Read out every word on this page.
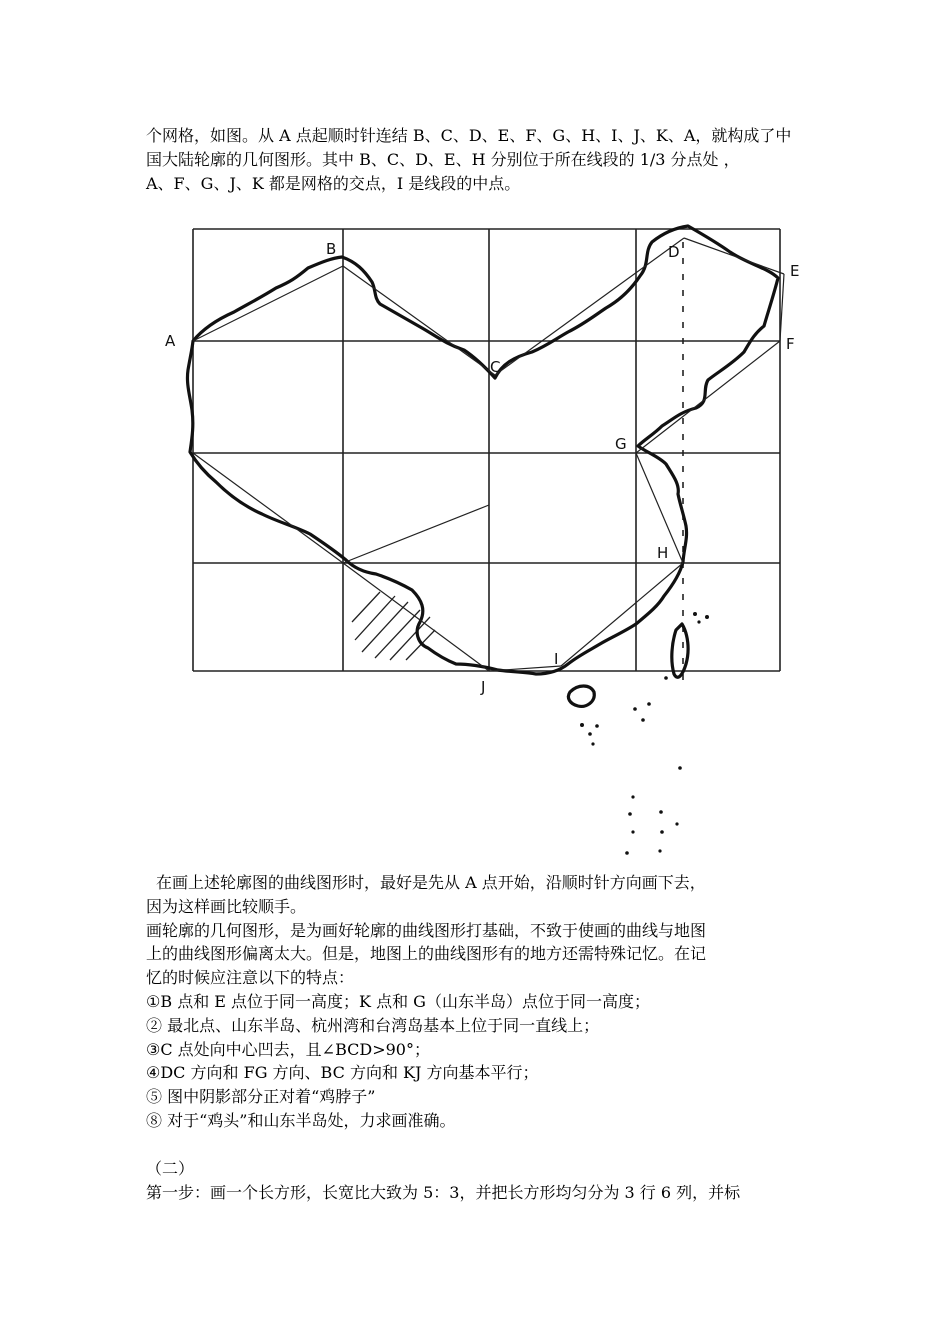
个网格，如图。从 A 点起顺时针连结 B、C、D、E、F、G、H、I、J、K、A，就构成了中
国大陆轮廓的几何图形。其中 B、C、D、E、H 分别位于所在线段的 1/3 分点处 ，
A、F、G、J、K 都是网格的交点，I 是线段的中点。
A
B
C
D
E
F
G
H
I
J
在画上述轮廓图的曲线图形时，最好是先从 A 点开始，沿顺时针方向画下去，
因为这样画比较顺手。
画轮廓的几何图形，是为画好轮廓的曲线图形打基础，不致于使画的曲线与地图
上的曲线图形偏离太大。但是，地图上的曲线图形有的地方还需特殊记忆。在记
忆的时候应注意以下的特点：
①B 点和 E 点位于同一高度；K 点和 G（山东半岛）点位于同一高度；
② 最北点、山东半岛、杭州湾和台湾岛基本上位于同一直线上；
③C 点处向中心凹去，且∠BCD>90°；
④DC 方向和 FG 方向、BC 方向和 KJ 方向基本平行；
⑤ 图中阴影部分正对着“鸡脖子”
⑧ 对于“鸡头”和山东半岛处，力求画准确。
（二）
第一步：画一个长方形，长宽比大致为 5：3，并把长方形均匀分为 3 行 6 列，并标
